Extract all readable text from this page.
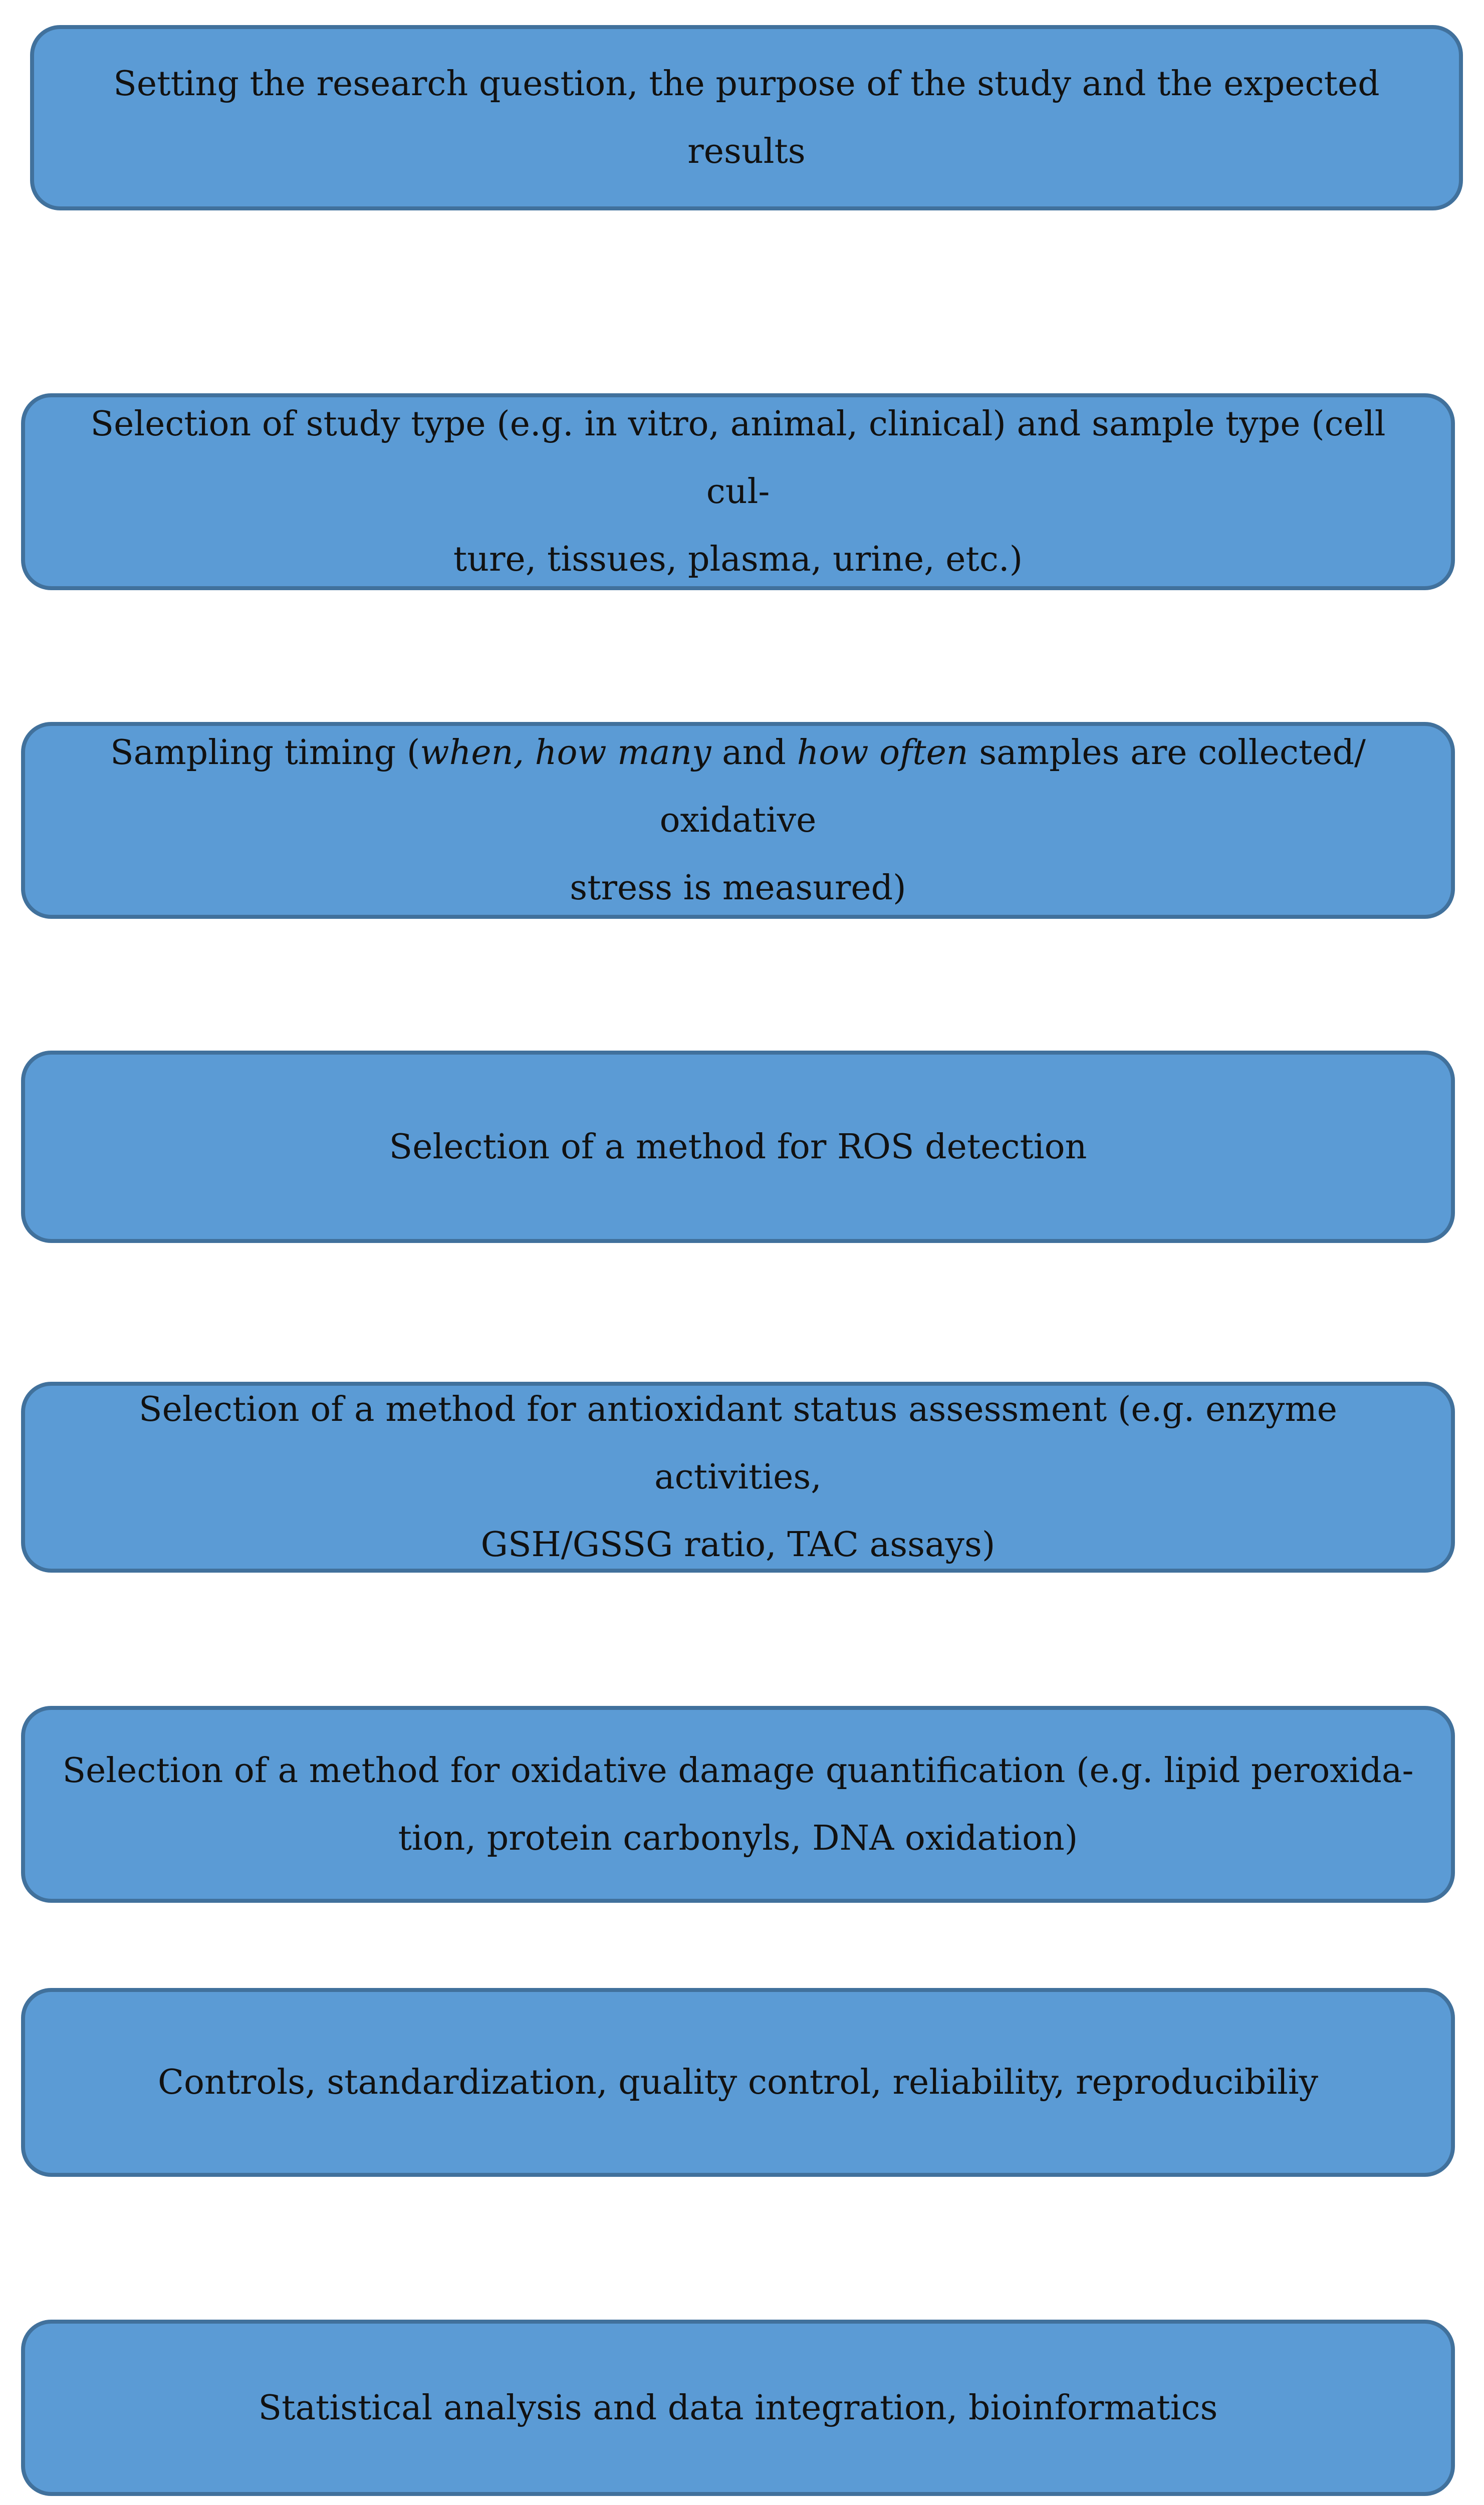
Setting the research question, the purpose of the study and the expected results
Selection of study type (e.g. in vitro, animal, clinical) and sample type (cell cul-
ture, tissues, plasma, urine, etc.)
Sampling timing (when, how many and how often samples are collected/ oxidative
stress is measured)
Selection of a method for ROS detection
Selection of a method for antioxidant status assessment (e.g. enzyme activities,
GSH/GSSG ratio, TAC assays)
Selection of a method for oxidative damage quantification (e.g. lipid peroxida-
tion, protein carbonyls, DNA oxidation)
Controls, standardization, quality control, reliability, reproducibiliy
Statistical analysis and data integration, bioinformatics
